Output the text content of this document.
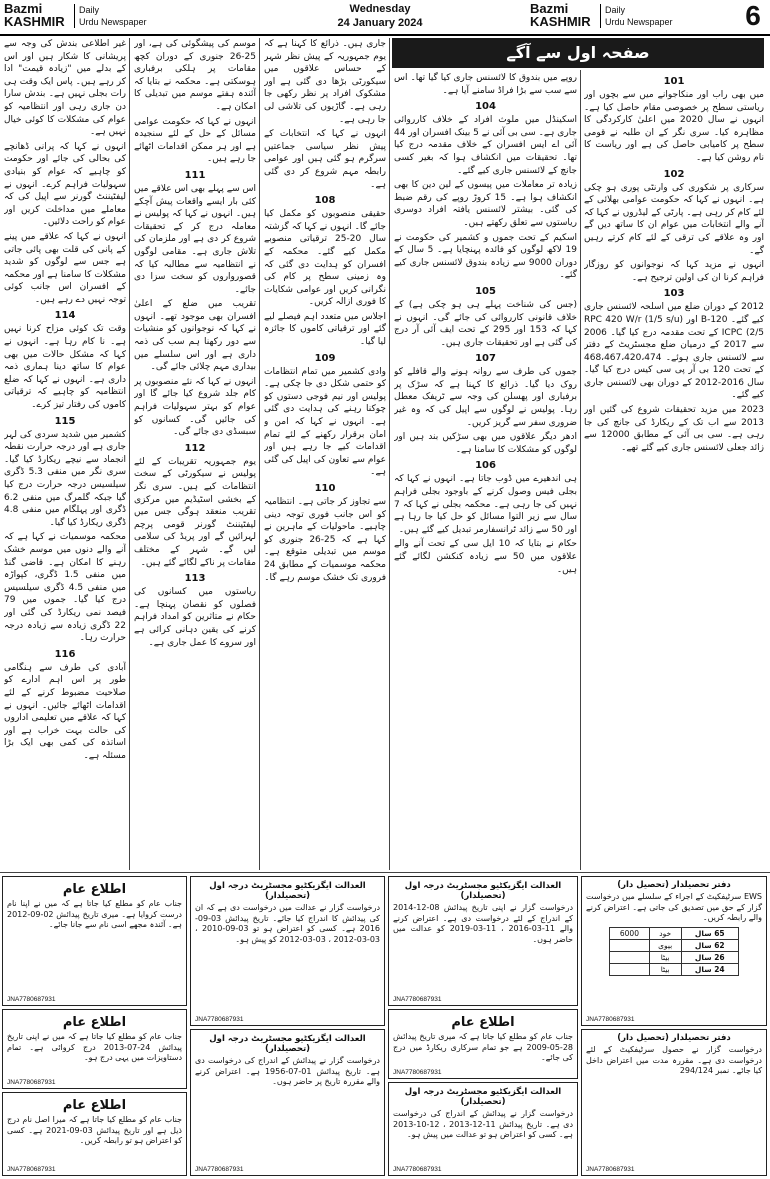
Bazmi
KASHMIR
Daily
Urdu Newspaper
Wednesday
24 January 2024
Bazmi
KASHMIR
Daily
Urdu Newspaper	6

غیر اطلاعی بندش کی وجہ سے پریشانی کا شکار ہیں اور اس کے بدلے میں "زیادہ قیمت" ادا کر رہے ہیں۔ پاس ایک وقت ہی رات بجلی نہیں ہے۔ بندش سارا دن جاری رہی اور انتظامیہ کو عوام کی مشکلات کا کوئی خیال نہیں ہے۔

انہوں نے کہا کہ پرانی ڈھانچے کی بحالی کی جائے اور حکومت کو چاہیے کہ عوام کو بنیادی سہولیات فراہم کرے۔ انہوں نے لیفٹیننٹ گورنر سے اپیل کی کہ معاملے میں مداخلت کریں اور عوام کو راحت دلائیں۔

انہوں نے کہا کہ علاقے میں پینے کے پانی کی قلت بھی پائی جاتی ہے جس سے لوگوں کو شدید مشکلات کا سامنا ہے اور محکمہ کے افسران اس جانب کوئی توجہ نہیں دے رہے ہیں۔

114

وقت تک کوئی مزاح کرنا نہیں ہے۔ نا کام رہا ہے۔ انہوں نے کہا کہ مشکل حالات میں بھی عوام کا ساتھ دینا ہماری ذمہ داری ہے۔ انہوں نے کہا کہ ضلع انتظامیہ کو چاہیے کہ ترقیاتی کاموں کی رفتار تیز کرے۔

115

کشمیر میں شدید سردی کی لہر جاری ہے اور درجہ حرارت نقطہ انجماد سے نیچے ریکارڈ کیا گیا۔ سری نگر میں منفی 5.3 ڈگری سیلسیس درجہ حرارت درج کیا گیا جبکہ گلمرگ میں منفی 6.2 ڈگری اور پہلگام میں منفی 4.8 ڈگری ریکارڈ کیا گیا۔

محکمہ موسمیات نے کہا ہے کہ آنے والے دنوں میں موسم خشک رہنے کا امکان ہے۔ قاضی گنڈ میں منفی 1.5 ڈگری، کپواڑہ میں منفی 4.5 ڈگری سیلسیس درج کیا گیا۔ جموں میں 79 فیصد نمی ریکارڈ کی گئی اور 22 ڈگری زیادہ سے زیادہ درجہ حرارت رہا۔

116

آبادی کی طرف سے ہنگامی طور پر اس اہم ادارے کو صلاحیت مضبوط کرنے کے لئے اقدامات اٹھائے جائیں۔ انہوں نے کہا کہ علاقے میں تعلیمی اداروں کی حالت بہت خراب ہے اور اساتذہ کی کمی بھی ایک بڑا مسئلہ ہے۔

موسم کی پیشگوئی کی ہے، اور 25-26 جنوری کے دوران کچھ مقامات پر ہلکی برفباری ہوسکتی ہے۔ محکمہ نے بتایا کہ آئندہ ہفتے موسم میں تبدیلی کا امکان ہے۔

انہوں نے کہا کہ حکومت عوامی مسائل کے حل کے لئے سنجیدہ ہے اور ہر ممکن اقدامات اٹھائے جا رہے ہیں۔

111

اس سے پہلے بھی اس علاقے میں کئی بار ایسے واقعات پیش آچکے ہیں۔ انہوں نے کہا کہ پولیس نے معاملہ درج کر کے تحقیقات شروع کر دی ہے اور ملزمان کی تلاش جاری ہے۔ مقامی لوگوں نے انتظامیہ سے مطالبہ کیا کہ قصورواروں کو سخت سزا دی جائے۔

تقریب میں ضلع کے اعلیٰ افسران بھی موجود تھے۔ انہوں نے کہا کہ نوجوانوں کو منشیات سے دور رکھنا ہم سب کی ذمہ داری ہے اور اس سلسلے میں بیداری مہم چلائی جائے گی۔

انہوں نے کہا کہ نئے منصوبوں پر کام جلد شروع کیا جائے گا اور عوام کو بہتر سہولیات فراہم کی جائیں گی۔ کسانوں کو سبسڈی دی جائے گی۔

112

یوم جمہوریہ تقریبات کے لئے پولیس نے سیکورٹی کے سخت انتظامات کیے ہیں۔ سری نگر کے بخشی اسٹیڈیم میں مرکزی تقریب منعقد ہوگی جس میں لیفٹیننٹ گورنر قومی پرچم لہرائیں گے اور پریڈ کی سلامی لیں گے۔ شہر کے مختلف مقامات پر ناکے لگائے گئے ہیں۔

113

ریاستوں میں کسانوں کی فصلوں کو نقصان پہنچا ہے۔ حکام نے متاثرین کو امداد فراہم کرنے کی یقین دہانی کرائی ہے اور سروے کا عمل جاری ہے۔

جاری ہیں۔ ذرائع کا کہنا ہے کہ یوم جمہوریہ کے پیش نظر شہر کے حساس علاقوں میں سیکورٹی بڑھا دی گئی ہے اور مشکوک افراد پر نظر رکھی جا رہی ہے۔ گاڑیوں کی تلاشی لی جا رہی ہے۔

انہوں نے کہا کہ انتخابات کے پیش نظر سیاسی جماعتیں سرگرم ہو گئی ہیں اور عوامی رابطہ مہم شروع کر دی گئی ہے۔

108

حقیقی منصوبوں کو مکمل کیا جائے گا۔ انہوں نے کہا کہ گزشتہ سال 20-25 ترقیاتی منصوبے مکمل کیے گئے۔ محکمہ کے افسران کو ہدایت دی گئی کہ وہ زمینی سطح پر کام کی نگرانی کریں اور عوامی شکایات کا فوری ازالہ کریں۔

اجلاس میں متعدد اہم فیصلے لیے گئے اور ترقیاتی کاموں کا جائزہ لیا گیا۔

109

وادی کشمیر میں تمام انتظامات کو حتمی شکل دی جا چکی ہے۔ پولیس اور نیم فوجی دستوں کو چوکنا رہنے کی ہدایت دی گئی ہے۔ انہوں نے کہا کہ امن و امان برقرار رکھنے کے لئے تمام اقدامات کیے جا رہے ہیں اور عوام سے تعاون کی اپیل کی گئی ہے۔

110

سے تجاوز کر جاتی ہے۔ انتظامیہ کو اس جانب فوری توجہ دینی چاہیے۔ ماحولیات کے ماہرین نے کہا ہے کہ 25-26 جنوری کو موسم میں تبدیلی متوقع ہے۔ محکمہ موسمیات کے مطابق 24 فروری تک خشک موسم رہے گا۔

صفحہ اول سے آگے

روپے میں بندوق کا لائسنس جاری کیا گیا تھا۔ اس سے سب سے بڑا فراڈ سامنے آیا ہے۔

104

اسکینڈل میں ملوث افراد کے خلاف کارروائی جاری ہے۔ سی بی آئی نے 5 بینک افسران اور 44 آئی اے ایس افسران کے خلاف مقدمہ درج کیا تھا۔ تحقیقات میں انکشاف ہوا کہ بغیر کسی جانچ کے لائسنس جاری کیے گئے۔

زیادہ تر معاملات میں پیسوں کے لین دین کا بھی انکشاف ہوا ہے۔ 15 کروڑ روپے کی رقم ضبط کی گئی۔ بیشتر لائسنس یافتہ افراد دوسری ریاستوں سے تعلق رکھتے ہیں۔

اسکیم کے تحت جموں و کشمیر کی حکومت نے 19 لاکھ لوگوں کو فائدہ پہنچایا ہے۔ 5 سال کے دوران 9000 سے زیادہ بندوق لائسنس جاری کیے گئے۔

105

(جس کی شناخت پہلے ہی ہو چکی ہے) کے خلاف قانونی کارروائی کی جائے گی۔ انہوں نے کہا کہ 153 اور 295 کے تحت ایف آئی آر درج کی گئی ہے اور تحقیقات جاری ہیں۔

107

جموں کی طرف سے روانہ ہونے والے قافلے کو روک دیا گیا۔ ذرائع کا کہنا ہے کہ سڑک پر برفباری اور پھسلن کی وجہ سے ٹریفک معطل رہا۔ پولیس نے لوگوں سے اپیل کی کہ وہ غیر ضروری سفر سے گریز کریں۔

ادھر دیگر علاقوں میں بھی سڑکیں بند ہیں اور لوگوں کو مشکلات کا سامنا ہے۔

106

ہی اندھیرے میں ڈوب جاتا ہے۔ انہوں نے کہا کہ بجلی فیس وصول کرنے کے باوجود بجلی فراہم نہیں کی جا رہی ہے۔ محکمہ بجلی نے کہا کہ 7 سال سے زیر التوا مسائل کو حل کیا جا رہا ہے اور 50 سے زائد ٹرانسفارمر تبدیل کیے گئے ہیں۔

حکام نے بتایا کہ 10 ایل سی کے تحت آنے والے علاقوں میں 50 سے زیادہ کنکشن لگائے گئے ہیں۔

101

میں بھی راب اور منکاجوانے میں سے بچوں اور ریاستی سطح پر خصوصی مقام حاصل کیا ہے۔ انہوں نے سال 2020 میں اعلیٰ کارکردگی کا مظاہرہ کیا۔ سری نگر کے ان طلبہ نے قومی سطح پر کامیابی حاصل کی ہے اور ریاست کا نام روشن کیا ہے۔

102

سرکاری پر شکوری کی وارنٹی پوری ہو چکی ہے۔ انہوں نے کہا کہ حکومت عوامی بھلائی کے لئے کام کر رہی ہے۔ پارٹی کے لیڈروں نے کہا کہ آنے والے انتخابات میں عوام ان کا ساتھ دیں گے اور وہ علاقے کی ترقی کے لئے کام کرتے رہیں گے۔

انہوں نے مزید کہا کہ نوجوانوں کو روزگار فراہم کرنا ان کی اولین ترجیح ہے۔

103

2012 کے دوران ضلع میں اسلحہ لائسنس جاری کیے گئے۔ B-120 اور RPC 420 W/r (1/5 s/u) ICPC (2/5 کے تحت مقدمہ درج کیا گیا۔ 2006 سے 2017 کے درمیان ضلع مجسٹریٹ کے دفتر سے لائسنس جاری ہوئے۔ 468،467،420،474 کے تحت 120 بی آر پی سی کیس درج کیا گیا۔ سال 2016-2012 کے دوران بھی لائسنس جاری کیے گئے۔

2023 میں مزید تحقیقات شروع کی گئیں اور 2013 سے اب تک کے ریکارڈ کی جانچ کی جا رہی ہے۔ سی بی آئی کے مطابق 12000 سے زائد جعلی لائسنس جاری کیے گئے تھے۔

اطلاع عام
جناب عام کو مطلع کیا جاتا ہے کہ میں نے اپنا نام درست کروایا ہے۔ میری تاریخ پیدائش 02-09-2012 ہے۔ آئندہ مجھے اسی نام سے جانا جائے۔
JNA7780687931
اطلاع عام
جناب عام کو مطلع کیا جاتا ہے کہ میں نے اپنی تاریخ پیدائش 24-07-2013 درج کروائی ہے۔ تمام دستاویزات میں یہی درج ہو۔
JNA7780687931
اطلاع عام
جناب عام کو مطلع کیا جاتا ہے کہ میرا اصل نام درج ذیل ہے اور تاریخ پیدائش 03-09-2021 ہے۔ کسی کو اعتراض ہو تو رابطہ کریں۔
JNA7780687931
العدالت ایگزیکٹیو مجسٹریٹ درجہ اول (تحصیلدار)
درخواست گزار نے عدالت میں درخواست دی ہے کہ ان کی پیدائش کا اندراج کیا جائے۔ تاریخ پیدائش 03-09-2016 ہے۔ کسی کو اعتراض ہو تو 03-09-2010 ، 03-03-2012 ، 03-03-2012 کو پیش ہو۔
JNA7780687931
العدالت ایگزیکٹیو مجسٹریٹ درجہ اول (تحصیلدار)
درخواست گزار نے پیدائش کے اندراج کی درخواست دی ہے۔ تاریخ پیدائش 01-07-1956 ہے۔ اعتراض کرنے والے مقررہ تاریخ پر حاضر ہوں۔
JNA7780687931
العدالت ایگزیکٹیو مجسٹریٹ درجہ اول (تحصیلدار)
درخواست گزار نے اپنی تاریخ پیدائش 08-12-2014 کے اندراج کے لئے درخواست دی ہے۔ اعتراض کرنے والے 11-03-2016 ، 11-03-2019 کو عدالت میں حاضر ہوں۔
JNA7780687931
اطلاع عام
جناب عام کو مطلع کیا جاتا ہے کہ میری تاریخ پیدائش 28-05-2009 ہے جو تمام سرکاری ریکارڈ میں درج کی جائے۔
JNA7780687931
العدالت ایگزیکٹیو مجسٹریٹ درجہ اول (تحصیلدار)
درخواست گزار نے پیدائش کے اندراج کی درخواست دی ہے۔ تاریخ پیدائش 11-12-2013 ، 12-10-2013 ہے۔ کسی کو اعتراض ہو تو عدالت میں پیش ہو۔
JNA7780687931
دفتر تحصیلدار (تحصیل دار)
EWS سرٹیفکیٹ کے اجراء کے سلسلے میں درخواست گزار کے حق میں تصدیق کی جاتی ہے۔ اعتراض کرنے والے رابطہ کریں۔
65 سال	خود	6000
62 سال	بیوی	
26 سال	بیٹا	
24 سال	بیٹا	
JNA7780687931
دفتر تحصیلدار (تحصیل دار)
درخواست گزار نے حصول سرٹیفکیٹ کے لئے درخواست دی ہے۔ مقررہ مدت میں اعتراض داخل کیا جائے۔ نمبر 294/124
JNA7780687931
